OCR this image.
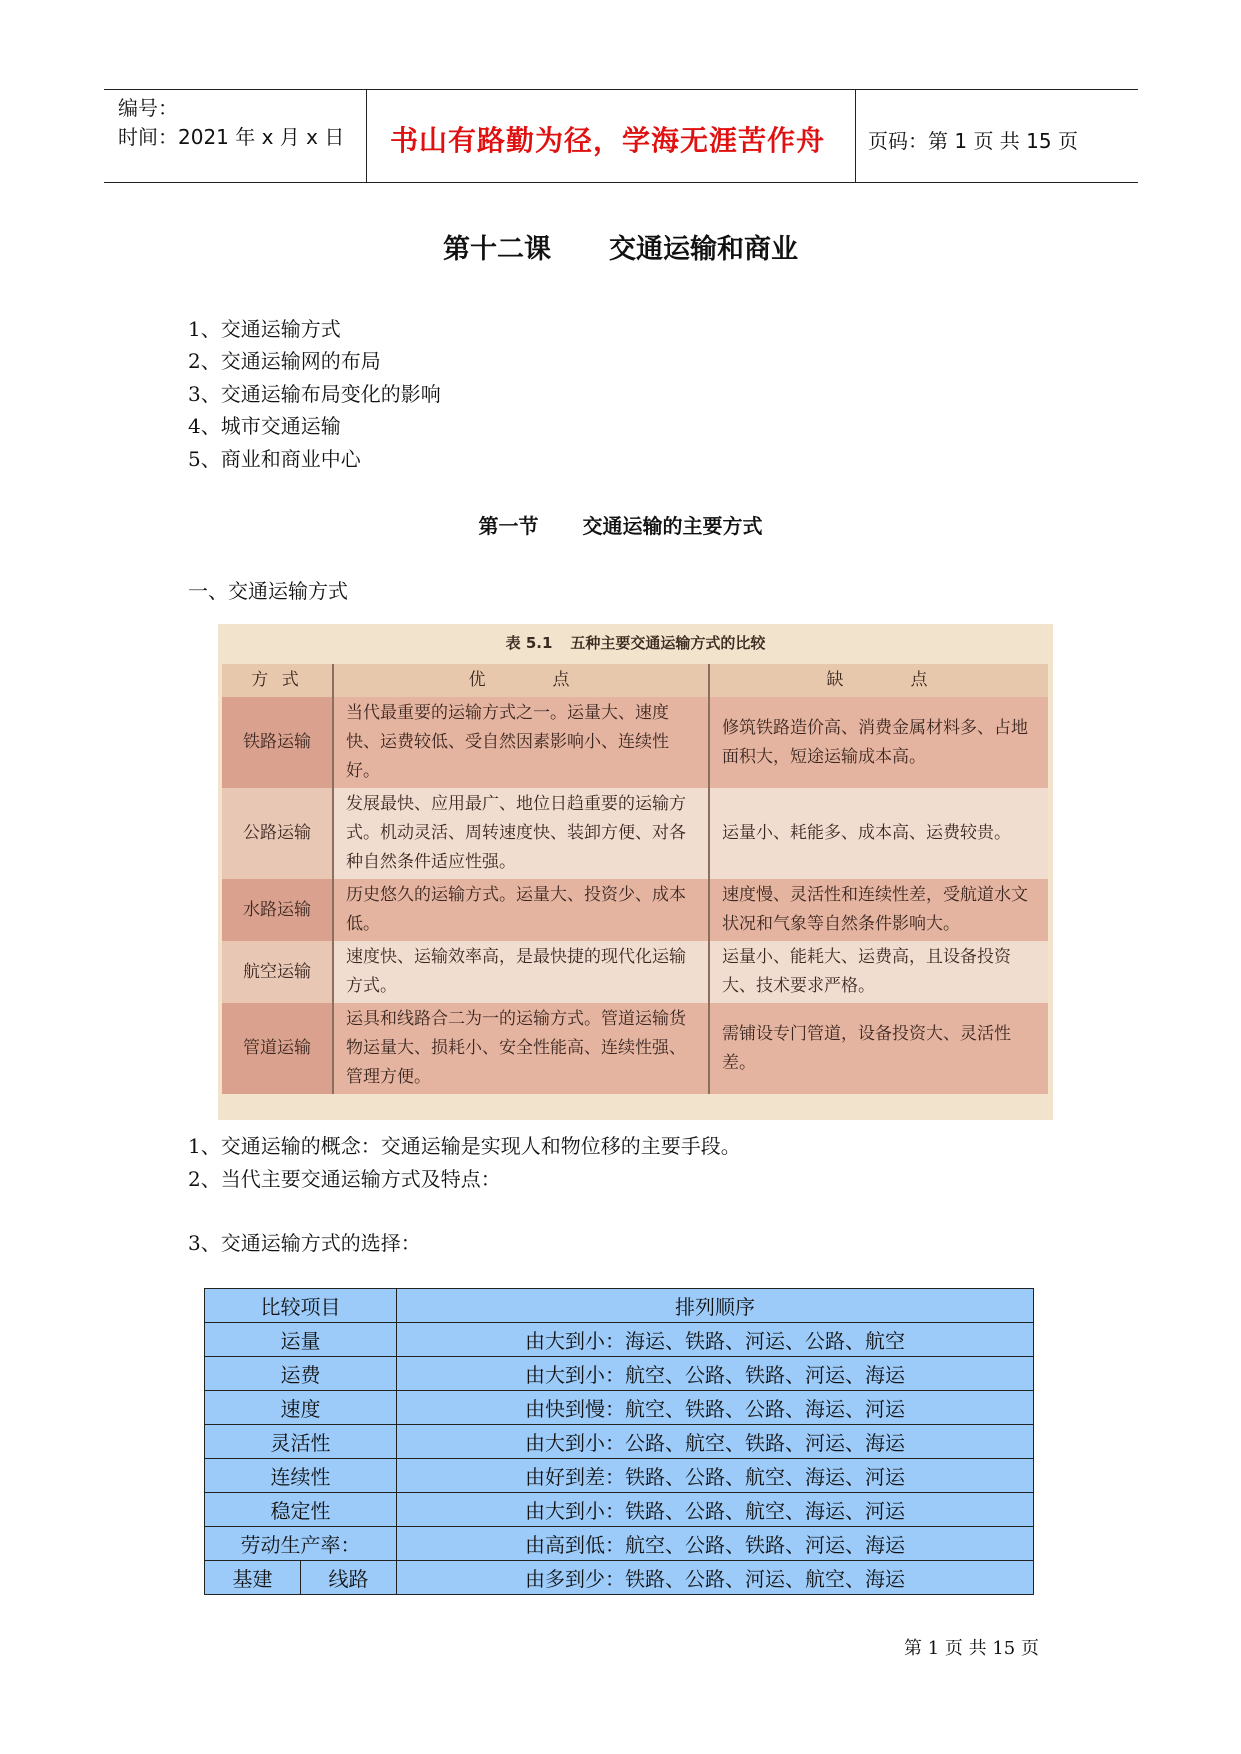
编号：
时间：2021 年 x 月 x 日 书山有路勤为径，学海无涯苦作舟 页码：第 1 页 共 15 页
第十二课 交通运输和商业
1、交通运输方式
2、交通运输网的布局
3、交通运输布局变化的影响
4、城市交通运输
5、商业和商业中心
第一节 交通运输的主要方式
一、交通运输方式
表 5.1 五种主要交通运输方式的比较
方 式	优　　　点	缺　　　点
铁路运输	当代最重要的运输方式之一。运量大、速度快、运费较低、受自然因素影响小、连续性好。	修筑铁路造价高、消费金属材料多、占地面积大，短途运输成本高。
公路运输	发展最快、应用最广、地位日趋重要的运输方式。机动灵活、周转速度快、装卸方便、对各种自然条件适应性强。	运量小、耗能多、成本高、运费较贵。
水路运输	历史悠久的运输方式。运量大、投资少、成本低。	速度慢、灵活性和连续性差，受航道水文状况和气象等自然条件影响大。
航空运输	速度快、运输效率高，是最快捷的现代化运输方式。	运量小、能耗大、运费高，且设备投资大、技术要求严格。
管道运输	运具和线路合二为一的运输方式。管道运输货物运量大、损耗小、安全性能高、连续性强、管理方便。	需铺设专门管道，设备投资大、灵活性差。
1、交通运输的概念：交通运输是实现人和物位移的主要手段。
2、当代主要交通运输方式及特点：
3、交通运输方式的选择：
比较项目		排列顺序
运量		由大到小：海运、铁路、河运、公路、航空
运费		由大到小：航空、公路、铁路、河运、海运
速度		由快到慢：航空、铁路、公路、海运、河运
灵活性		由大到小：公路、航空、铁路、河运、海运
连续性		由好到差：铁路、公路、航空、海运、河运
稳定性		由大到小：铁路、公路、航空、海运、河运
劳动生产率：		由高到低：航空、公路、铁路、河运、海运
基建	线路	由多到少：铁路、公路、河运、航空、海运
第 1 页 共 15 页
